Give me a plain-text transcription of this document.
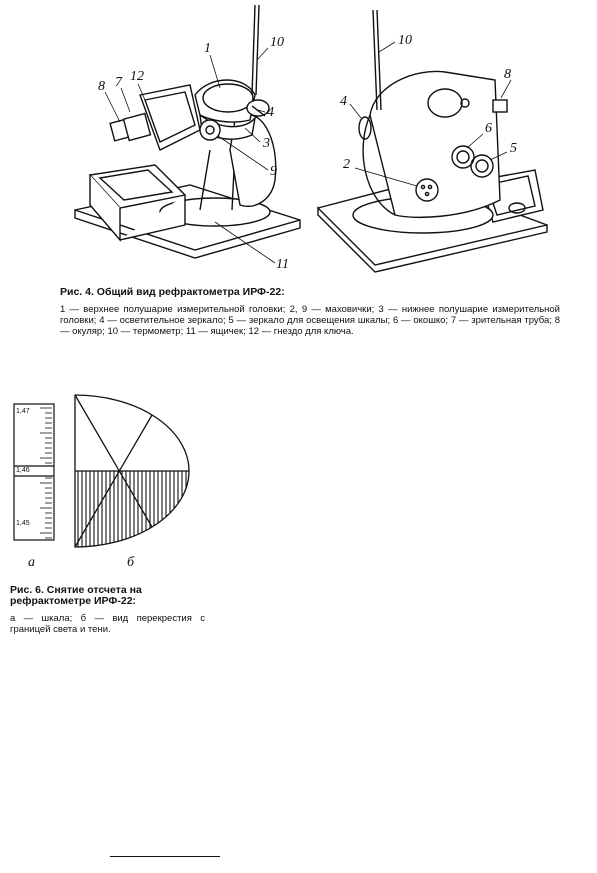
1	10
8 7 12
4
3
9
11
10
8
4
6
5
2
Рис. 4. Общий вид рефрактометра ИРФ-22:
1 — верхнее полушарие измерительной головки; 2, 9 — маховички; 3 — нижнее полушарие измерительной головки; 4 — осветительное зеркало; 5 — зеркало для освещения шкалы; 6 — окошко; 7 — зрительная труба; 8 — окуляр; 10 — термометр; 11 — ящичек; 12 — гнездо для ключа.
1,47
1,46
1,45
а	б
Рис. 6. Снятие отсчета на рефрактометре ИРФ-22:
а — шкала; б — вид перекрестия с границей света и тени.
